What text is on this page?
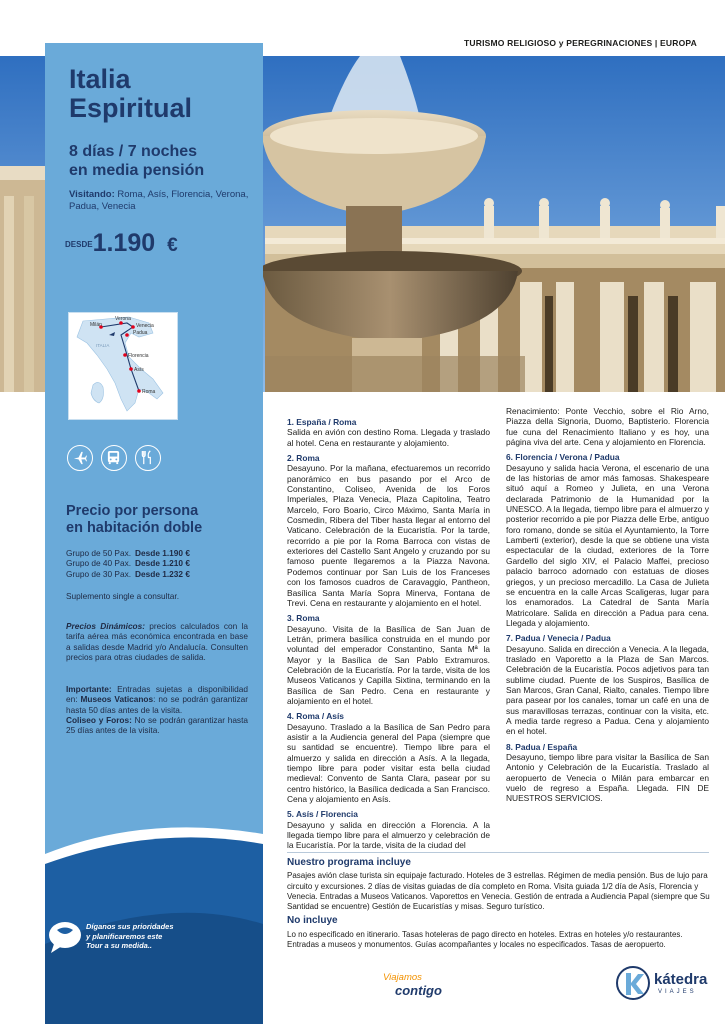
TURISMO RELIGIOSO y PEREGRINACIONES | EUROPA
Italia
Espiritual
8 días / 7 noches
en media pensión
Visitando: Roma, Asís, Florencia, Verona, Padua, Venecia
$^{DESDE}$1.190 €
Milán
Verona
Venecia
Padua
ITALIA
Florencia
Asís
Roma
Precio por persona
en habitación doble
Grupo de 50 Pax. Desde 1.190 €
Grupo de 40 Pax. Desde 1.210 €
Grupo de 30 Pax. Desde 1.232 €
Suplemento single a consultar.
Precios Dinámicos: precios calculados con la tarifa aérea más económica encontrada en base a salidas desde Madrid y/o Andalucía. Consulten precios para otras ciudades de salida.
Importante: Entradas sujetas a disponibilidad en: Museos Vaticanos: no se podrán garantizar hasta 50 días antes de la visita.
Coliseo y Foros: No se podrán garantizar hasta 25 días antes de la visita.
Díganos sus prioridades
y planificaremos este
Tour a su medida..
1. España / Roma

Salida en avión con destino Roma. Llegada y traslado al hotel. Cena en restaurante y alojamiento.

2. Roma

Desayuno. Por la mañana, efectuaremos un recorrido panorámico en bus pasando por el Arco de Constantino, Coliseo, Avenida de los Foros Imperiales, Plaza Venecia, Plaza Capitolina, Teatro Marcelo, Foro Boario, Circo Máximo, Santa María in Cosmedin, Ribera del Tiber hasta llegar al entorno del Vaticano. Celebración de la Eucaristía. Por la tarde, recorrido a pie por la Roma Barroca con vistas de exteriores del Castello Sant Angelo y cruzando por su famoso puente llegaremos a la Piazza Navona. Podemos continuar por San Luis de los Franceses con los famosos cuadros de Caravaggio, Pantheon, Basílica Santa María Sopra Minerva, Fontana de Trevi. Cena en restaurante y alojamiento en el hotel.

3. Roma

Desayuno. Visita de la Basílica de San Juan de Letrán, primera basílica construida en el mundo por voluntad del emperador Constantino, Santa Mª la Mayor y la Basílica de San Pablo Extramuros. Celebración de la Eucaristía. Por la tarde, visita de los Museos Vaticanos y Capilla Sixtina, terminando en la Basílica de San Pedro. Cena en restaurante y alojamiento en el hotel.

4. Roma / Asís

Desayuno. Traslado a la Basílica de San Pedro para asistir a la Audiencia general del Papa (siempre que su santidad se encuentre). Tiempo libre para el almuerzo y salida en dirección a Asís. A la llegada, tiempo libre para poder visitar esta bella ciudad medieval: Convento de Santa Clara, pasear por su centro histórico, la Basílica dedicada a San Francisco. Cena y alojamiento en Asís.

5. Asís / Florencia

Desayuno y salida en dirección a Florencia. A la llegada tiempo libre para el almuerzo y celebración de la Eucaristía. Por la tarde, visita de la ciudad del

Renacimiento: Ponte Vecchio, sobre el Rio Arno, Piazza della Signoria, Duomo, Baptisterio. Florencia fue cuna del Renacimiento Italiano y es hoy, una página viva del arte. Cena y alojamiento en Florencia.

6. Florencia / Verona / Padua

Desayuno y salida hacia Verona, el escenario de una de las historias de amor más famosas. Shakespeare situó aquí a Romeo y Julieta, en una Verona declarada Patrimonio de la Humanidad por la UNESCO. A la llegada, tiempo libre para el almuerzo y posterior recorrido a pie por Piazza delle Erbe, antiguo foro romano, donde se sitúa el Ayuntamiento, la Torre Lamberti (exterior), desde la que se obtiene una vista espectacular de la ciudad, exteriores de la Torre Gardello del siglo XIV, el Palacio Maffei, precioso palacio barroco adornado con estatuas de dioses griegos, y un precioso mercadillo. La Casa de Julieta se encuentra en la calle Arcas Scaligeras, lugar para los enamorados. La Catedral de Santa María Matricolare. Salida en dirección a Padua para cena. Llegada y alojamiento.

7. Padua / Venecia / Padua

Desayuno. Salida en dirección a Venecia. A la llegada, traslado en Vaporetto a la Plaza de San Marcos. Celebración de la Eucaristía. Pocos adjetivos para tan sublime ciudad. Puente de los Suspiros, Basílica de San Marcos, Gran Canal, Rialto, canales. Tiempo libre para pasear por los canales, tomar un café en una de sus maravillosas terrazas, continuar con la visita, etc. A media tarde regreso a Padua. Cena y alojamiento en el hotel.

8. Padua / España

Desayuno, tiempo libre para visitar la Basílica de San Antonio y Celebración de la Eucaristía. Traslado al aeropuerto de Venecia o Milán para embarcar en vuelo de regreso a España. Llegada. FIN DE NUESTROS SERVICIOS.

Nuestro programa incluye

Pasajes avión clase turista sin equipaje facturado. Hoteles de 3 estrellas. Régimen de media pensión. Bus de lujo para circuito y excursiones. 2 días de visitas guiadas de día completo en Roma. Visita guiada 1/2 día de Asís, Florencia y Venecia. Entradas a Museos Vaticanos. Vaporettos en Venecia. Gestión de entrada a Audiencia Papal (siempre que Su Santidad se encuentre) Gestión de Eucaristías y misas. Seguro turístico.

No incluye

Lo no especificado en itinerario. Tasas hoteleras de pago directo en hoteles. Extras en hoteles y/o restaurantes. Entradas a museos y monumentos. Guías acompañantes y locales no especificados. Tasas de aeropuerto.

Viajamos
contigo
kátedra
VIAJES
